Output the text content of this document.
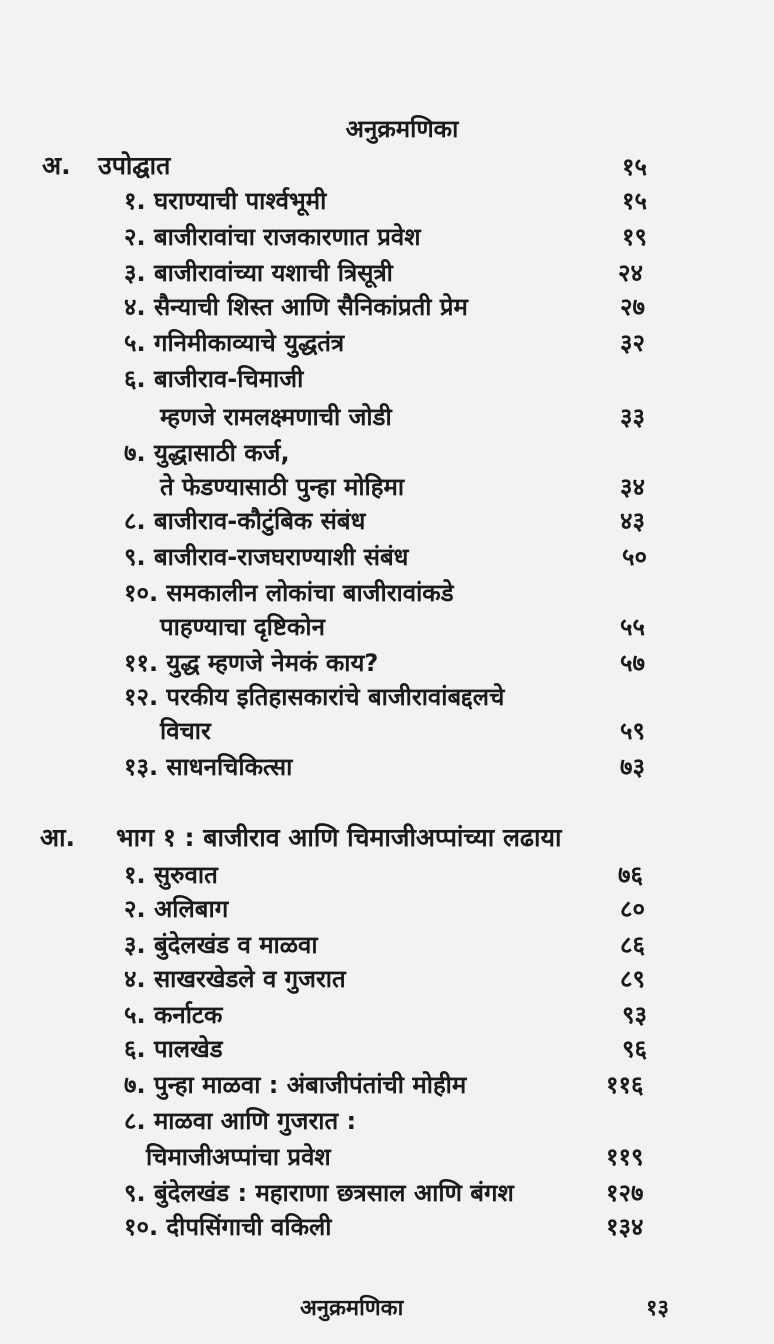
अनुक्रमणिका
अ. उपोद्घात	१५
१. घराण्याची पार्श्वभूमी	१५
२. बाजीरावांचा राजकारणात प्रवेश	१९
३. बाजीरावांच्या यशाची त्रिसूत्री	२४
४. सैन्याची शिस्त आणि सैनिकांप्रती प्रेम	२७
५. गनिमीकाव्याचे युद्धतंत्र	३२
६. बाजीराव-चिमाजी
म्हणजे रामलक्ष्मणाची जोडी	३३
७. युद्धासाठी कर्ज,
ते फेडण्यासाठी पुन्हा मोहिमा	३४
८. बाजीराव-कौटुंबिक संबंध	४३
९. बाजीराव-राजघराण्याशी संबंध	५०
१०. समकालीन लोकांचा बाजीरावांकडे
पाहण्याचा दृष्टिकोन	५५
११. युद्ध म्हणजे नेमकं काय?	५७
१२. परकीय इतिहासकारांचे बाजीरावांबद्दलचे
विचार	५९
१३. साधनचिकित्सा	७३
आ. भाग १ : बाजीराव आणि चिमाजीअप्पांच्या लढाया
१. सुरुवात	७६
२. अलिबाग	८०
३. बुंदेलखंड व माळवा	८६
४. साखरखेडले व गुजरात	८९
५. कर्नाटक	९३
६. पालखेड	९६
७. पुन्हा माळवा : अंबाजीपंतांची मोहीम	११६
८. माळवा आणि गुजरात :
चिमाजीअप्पांचा प्रवेश	११९
९. बुंदेलखंड : महाराणा छत्रसाल आणि बंगश	१२७
१०. दीपसिंगाची वकिली	१३४
अनुक्रमणिका	१३
